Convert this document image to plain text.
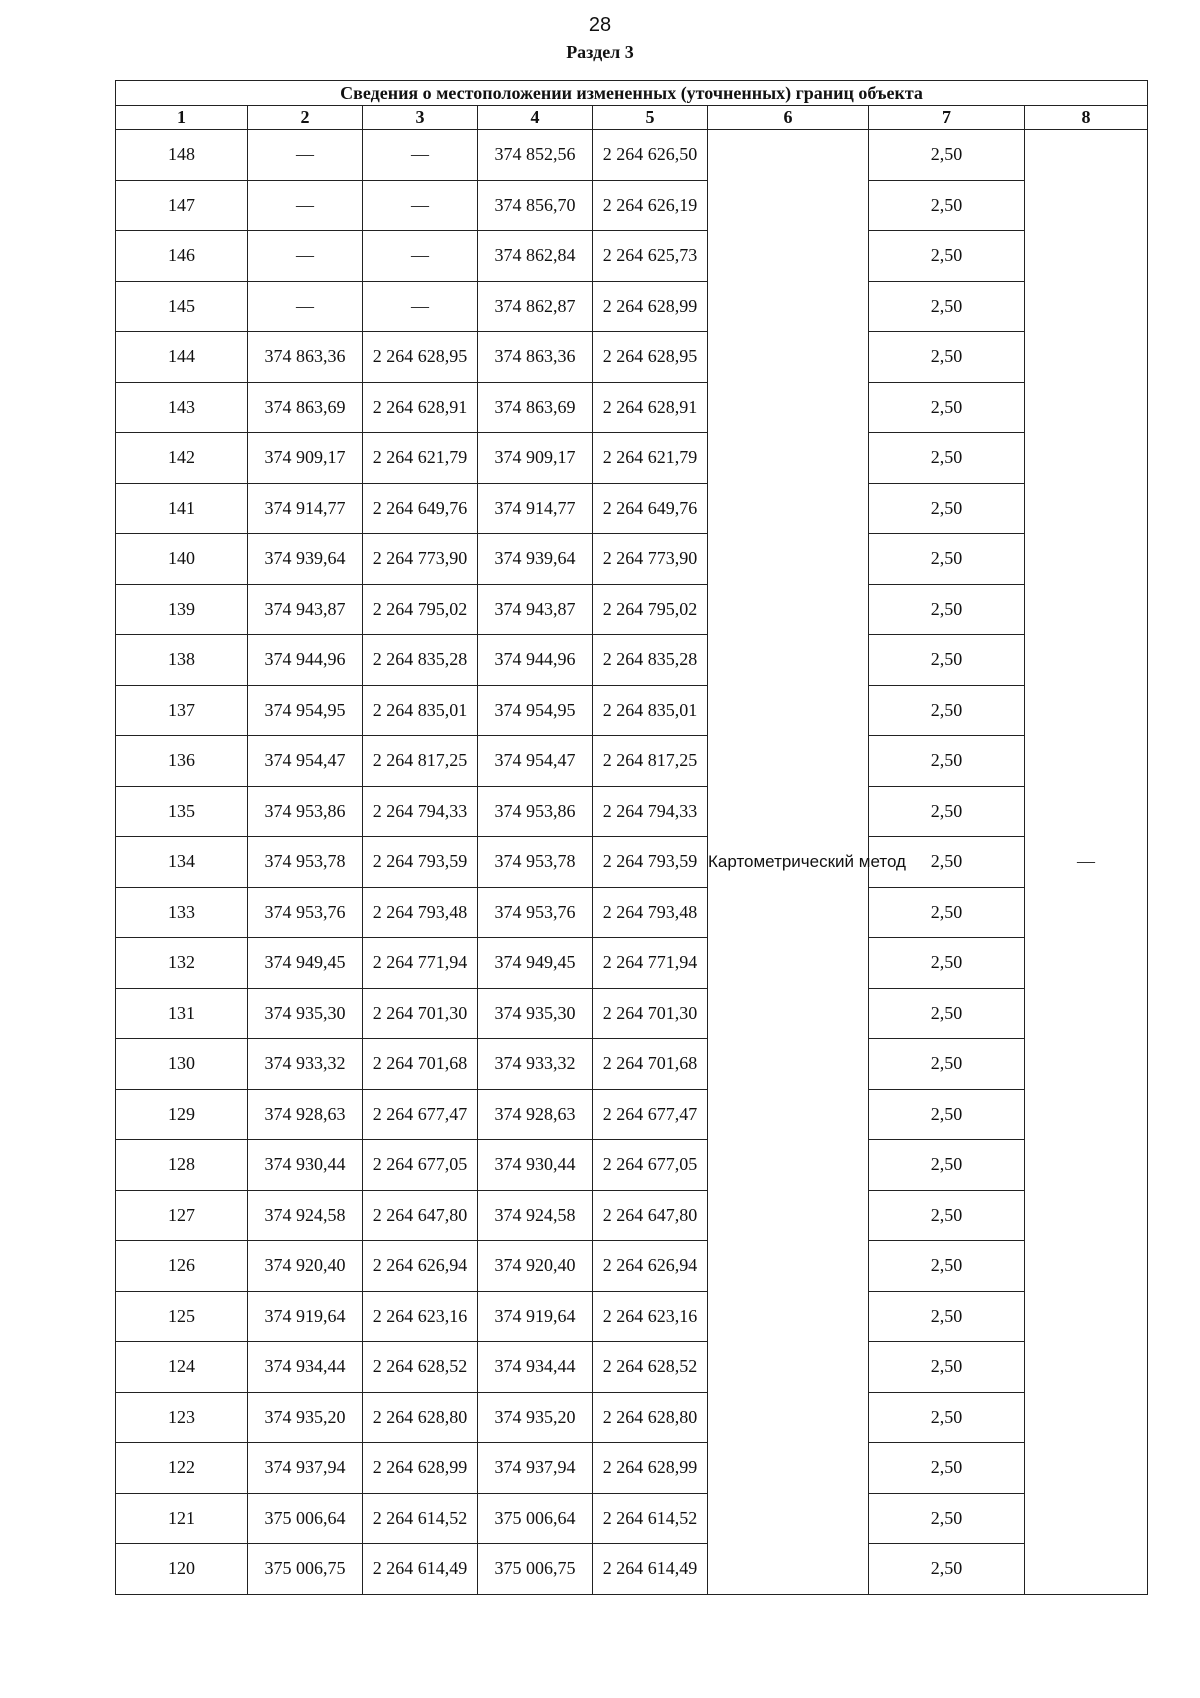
28
Раздел 3
Сведения о местоположении измененных (уточненных) границ объекта							
1	2	3	4	5	6	7	8
148	—	—	374 852,56	2 264 626,50	Картометрический метод	2,50	—
147	—	—	374 856,70	2 264 626,19		2,50	
146	—	—	374 862,84	2 264 625,73		2,50	
145	—	—	374 862,87	2 264 628,99		2,50	
144	374 863,36	2 264 628,95	374 863,36	2 264 628,95		2,50	
143	374 863,69	2 264 628,91	374 863,69	2 264 628,91		2,50	
142	374 909,17	2 264 621,79	374 909,17	2 264 621,79		2,50	
141	374 914,77	2 264 649,76	374 914,77	2 264 649,76		2,50	
140	374 939,64	2 264 773,90	374 939,64	2 264 773,90		2,50	
139	374 943,87	2 264 795,02	374 943,87	2 264 795,02		2,50	
138	374 944,96	2 264 835,28	374 944,96	2 264 835,28		2,50	
137	374 954,95	2 264 835,01	374 954,95	2 264 835,01		2,50	
136	374 954,47	2 264 817,25	374 954,47	2 264 817,25		2,50	
135	374 953,86	2 264 794,33	374 953,86	2 264 794,33		2,50	
134	374 953,78	2 264 793,59	374 953,78	2 264 793,59		2,50	
133	374 953,76	2 264 793,48	374 953,76	2 264 793,48		2,50	
132	374 949,45	2 264 771,94	374 949,45	2 264 771,94		2,50	
131	374 935,30	2 264 701,30	374 935,30	2 264 701,30		2,50	
130	374 933,32	2 264 701,68	374 933,32	2 264 701,68		2,50	
129	374 928,63	2 264 677,47	374 928,63	2 264 677,47		2,50	
128	374 930,44	2 264 677,05	374 930,44	2 264 677,05		2,50	
127	374 924,58	2 264 647,80	374 924,58	2 264 647,80		2,50	
126	374 920,40	2 264 626,94	374 920,40	2 264 626,94		2,50	
125	374 919,64	2 264 623,16	374 919,64	2 264 623,16		2,50	
124	374 934,44	2 264 628,52	374 934,44	2 264 628,52		2,50	
123	374 935,20	2 264 628,80	374 935,20	2 264 628,80		2,50	
122	374 937,94	2 264 628,99	374 937,94	2 264 628,99		2,50	
121	375 006,64	2 264 614,52	375 006,64	2 264 614,52		2,50	
120	375 006,75	2 264 614,49	375 006,75	2 264 614,49		2,50	
